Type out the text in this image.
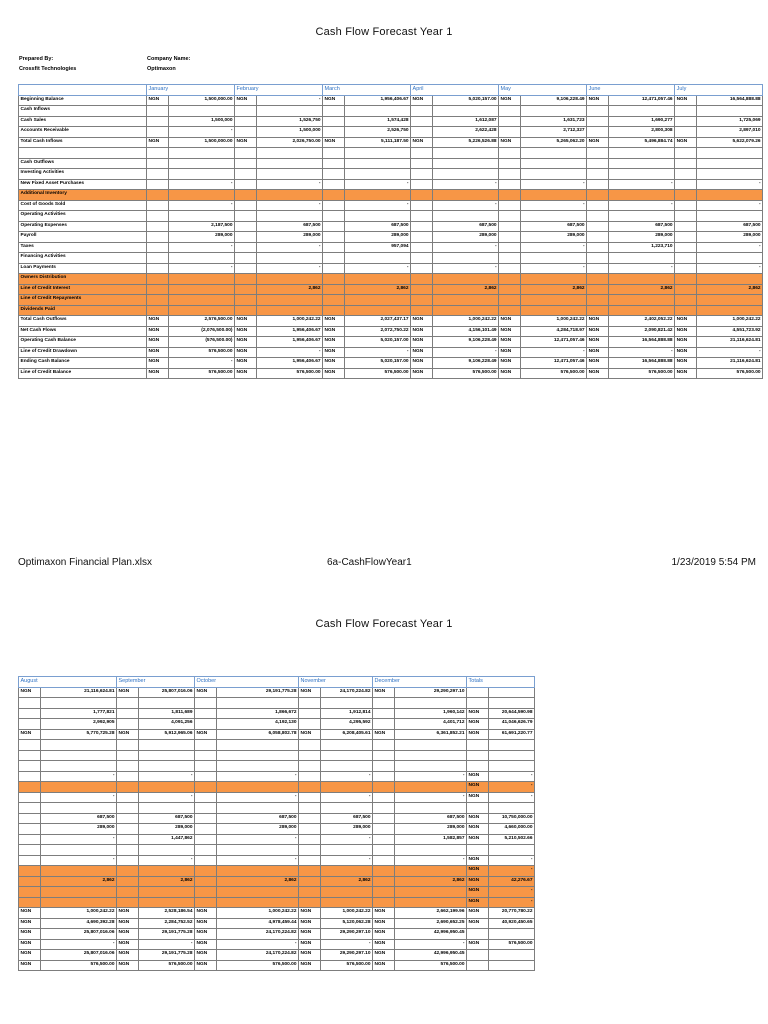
Cash Flow Forecast Year 1
Prepared By:
Crossfit Technologies
Company Name:
Optimaxon
	January		February		March		April		May		June		July	
Beginning Balance	NGN	1,500,000.00	NGN	-	NGN	1,956,406.67	NGN	5,020,157.00	NGN	9,106,228.49	NGN	12,471,057.46	NGN	16,564,888.88
Cash Inflows														
Cash Sales		1,500,000		1,526,750		1,574,428		1,612,087		1,631,723		1,690,277		1,725,069
Accounts Receivable		-		1,500,000		2,526,750		2,622,428		2,712,327		2,800,308		2,897,010
Total Cash Inflows	NGN	1,500,000.00	NGN	2,026,750.00	NGN	5,111,187.50	NGN	5,226,526.88	NGN	5,265,062.20	NGN	5,496,884.74	NGN	5,622,079.26

Cash Outflows														
Investing Activities														
New Fixed Asset Purchases		-		-		-		-		-		-		-
Additional Inventory														
Cost of Goods Sold		-		-		-		-		-		-		-
Operating Activities														
Operating Expenses		2,187,500		687,500		687,500		687,500		687,500		687,500		687,500
Payroll		289,000		289,000		289,000		289,000		289,000		289,000		289,000
Taxes		-		-		957,094		-		-		1,223,710		-
Financing Activities														
Loan Payments		-		-		-		-		-		-		-
Owners Distribution														
Line of Credit Interest				2,862		2,862		2,862		2,862		2,862		2,862
Line of Credit Repayments														
Dividends Paid														
Total Cash Outflows	NGN	2,576,500.00	NGN	1,000,242.22	NGN	2,027,437.17	NGN	1,000,242.22	NGN	1,000,242.22	NGN	2,402,052.22	NGN	1,000,242.22
Net Cash Flows	NGN	(2,076,500.00)	NGN	1,956,406.67	NGN	2,072,750.22	NGN	4,156,101.49	NGN	4,284,718.97	NGN	2,090,821.42	NGN	4,551,723.92
Operating Cash Balance	NGN	(576,500.00)	NGN	1,956,406.67	NGN	5,020,157.00	NGN	9,106,228.49	NGN	12,471,057.46	NGN	16,564,888.88	NGN	21,116,624.81
Line of Credit Drawdown	NGN	576,500.00	NGN	-	NGN	-	NGN	-	NGN	-	NGN	-	NGN	-
Ending Cash Balance	NGN	-	NGN	1,956,406.67	NGN	5,020,157.00	NGN	9,106,228.49	NGN	12,471,057.46	NGN	16,564,888.88	NGN	21,116,624.81
Line of Credit Balance	NGN	576,500.00	NGN	576,500.00	NGN	576,500.00	NGN	576,500.00	NGN	576,500.00	NGN	576,500.00	NGN	576,500.00
Optimaxon Financial Plan.xlsx	6a-CashFlowYear1	1/23/2019 5:54 PM
Cash Flow Forecast Year 1
August		September		October		November		December		Totals	
NGN	21,116,624.81	NGN	25,807,016.06	NGN	29,191,775.28	NGN	24,170,224.82	NGN	29,290,297.10		

	1,777,821		1,811,689		1,866,672		1,912,814		1,960,142	NGN	20,644,590.98
	2,992,905		4,091,256		4,192,130		4,295,592		4,401,712	NGN	41,046,626.79
NGN	5,770,725.28	NGN	5,912,965.06	NGN	6,058,802.78	NGN	6,208,405.61	NGN	6,361,852.21	NGN	61,691,220.77

	-		-		-		-		-	NGN	-
										NGN	-
	-		-		-		-		-	NGN	-

	687,500		687,500		687,500		687,500		687,500	NGN	10,750,000.00
	289,000		289,000		289,000		289,000		289,000	NGN	4,660,000.00
	-		1,447,862		-		-		1,582,857	NGN	5,210,502.66

	-		-		-		-		-	NGN	-
										NGN	-
	2,862		2,862		2,862		2,862		2,862	NGN	42,276.67
										NGN	-
										NGN	-
NGN	1,000,242.22	NGN	2,528,186.54	NGN	1,000,242.22	NGN	1,000,242.22	NGN	2,662,199.96	NGN	20,770,780.22
NGN	4,690,392.28	NGN	2,284,752.52	NGN	4,978,459.44	NGN	5,120,062.28	NGN	2,690,652.25	NGN	40,920,450.65
NGN	25,807,016.06	NGN	29,191,775.28	NGN	24,170,224.82	NGN	29,290,297.10	NGN	42,996,950.45		
NGN	-	NGN	-	NGN	-	NGN	-	NGN	-	NGN	576,500.00
NGN	25,807,016.06	NGN	29,191,775.28	NGN	24,170,224.82	NGN	29,290,297.10	NGN	42,996,950.45		
NGN	576,500.00	NGN	576,500.00	NGN	576,500.00	NGN	576,500.00	NGN	576,500.00		
